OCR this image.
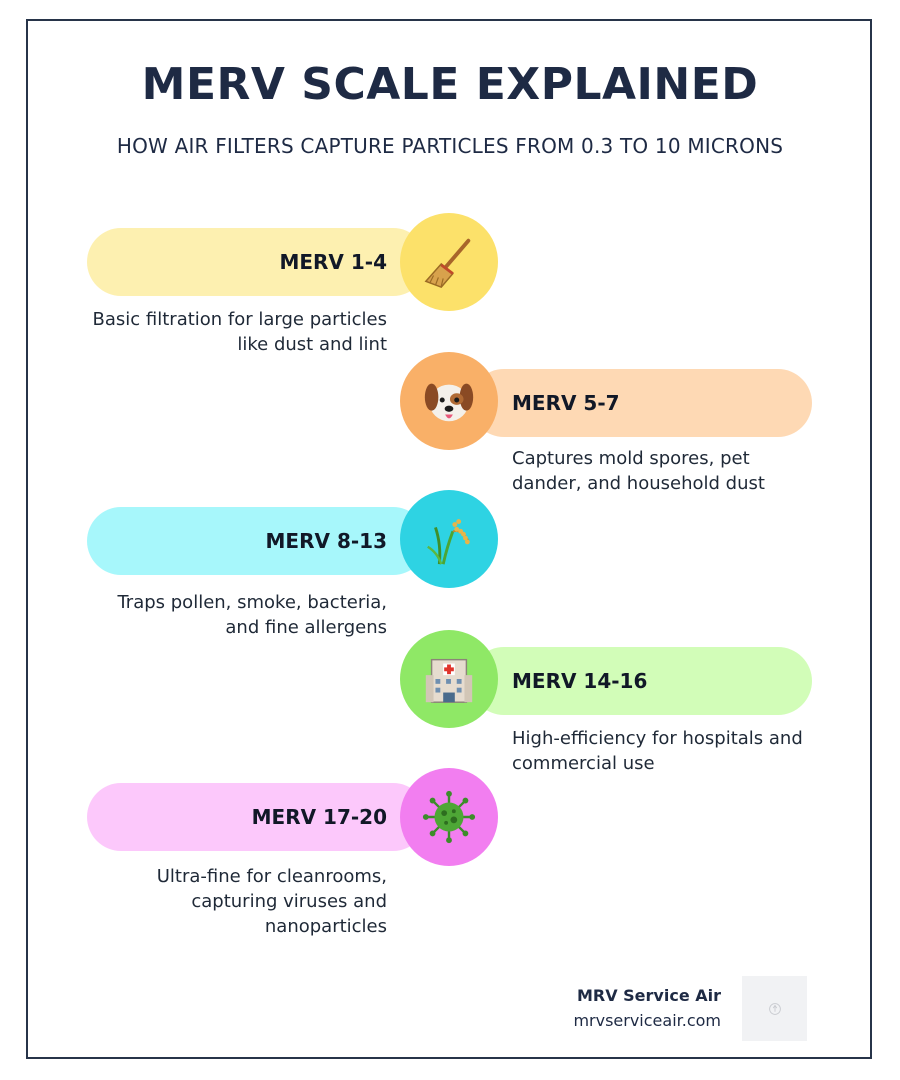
MERV SCALE EXPLAINED

HOW AIR FILTERS CAPTURE PARTICLES FROM 0.3 TO 10 MICRONS

MERV 1-4

Basic filtration for large particles like dust and lint

MERV 5-7

Captures mold spores, pet dander, and household dust

MERV 8-13

Traps pollen, smoke, bacteria, and fine allergens

MERV 14-16

High-efficiency for hospitals and commercial use

MERV 17-20

Ultra-fine for cleanrooms, capturing viruses and nanoparticles

MRV Service Air
mrvserviceair.com
